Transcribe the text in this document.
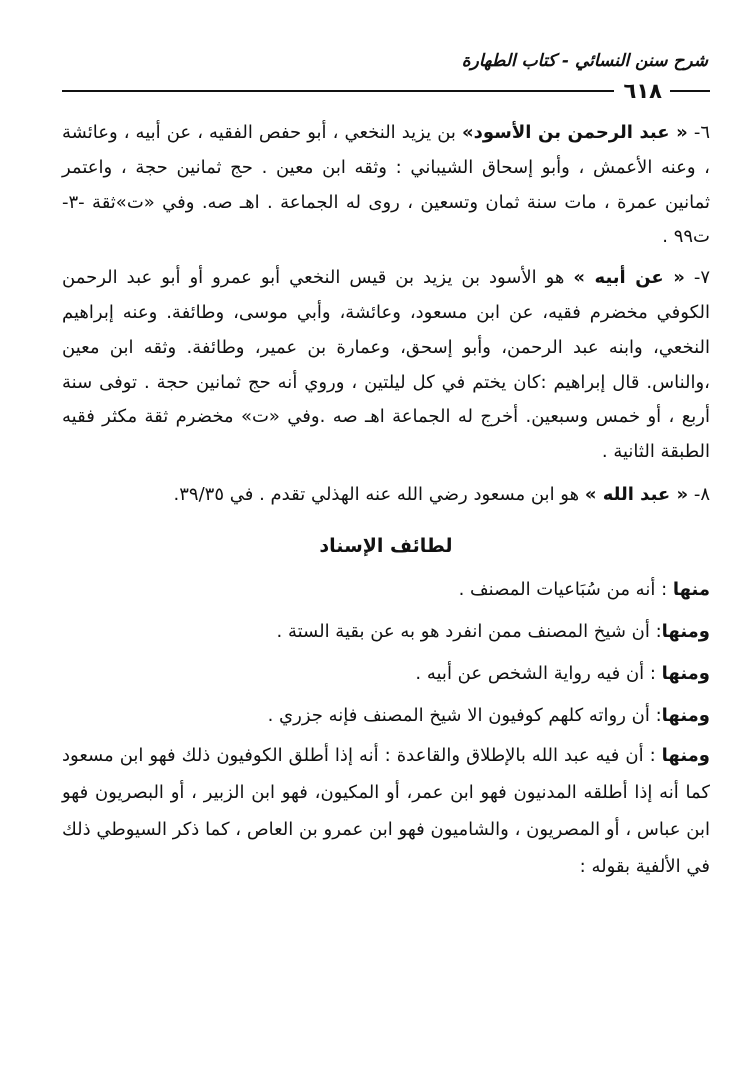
شرح سنن النسائي - كتاب الطهارة
٦١٨

٦- « عبد الرحمن بن الأسود» بن يزيد النخعي ، أبو حفص الفقيه ، عن أبيه ، وعائشة ، وعنه الأعمش ، وأبو إسحاق الشيباني : وثقه ابن معين . حج ثمانين حجة ، واعتمر ثمانين عمرة ، مات سنة ثمان وتسعين ، روى له الجماعة . اهـ صه. وفي «ت»ثقة -٣- ت٩٩ .

٧- « عن أبيه » هو الأسود بن يزيد بن قيس النخعي أبو عمرو أو أبو عبد الرحمن الكوفي مخضرم فقيه، عن ابن مسعود، وعائشة، وأبي موسى، وطائفة. وعنه إبراهيم النخعي، وابنه عبد الرحمن، وأبو إسحق، وعمارة بن عمير، وطائفة. وثقه ابن معين ،والناس. قال إبراهيم :كان يختم في كل ليلتين ، وروي أنه حج ثمانين حجة . توفى سنة أربع ، أو خمس وسبعين. أخرج له الجماعة اهـ صه .وفي «ت» مخضرم ثقة مكثر فقيه الطبقة الثانية .

٨- « عبد الله » هو ابن مسعود رضي الله عنه الهذلي تقدم . في ٣٩/٣٥.

لطائف الإسناد

منها : أنه من سُبَاعيات المصنف .

ومنها: أن شيخ المصنف ممن انفرد هو به عن بقية الستة .

ومنها : أن فيه رواية الشخص عن أبيه .

ومنها: أن رواته كلهم كوفيون الا شيخ المصنف فإنه جزري .

ومنها : أن فيه عبد الله بالإطلاق والقاعدة : أنه إذا أطلق الكوفيون ذلك فهو ابن مسعود كما أنه إذا أطلقه المدنيون فهو ابن عمر، أو المكيون، فهو ابن الزبير ، أو البصريون فهو ابن عباس ، أو المصريون ، والشاميون فهو ابن عمرو بن العاص ، كما ذكر السيوطي ذلك في الألفية بقوله :
